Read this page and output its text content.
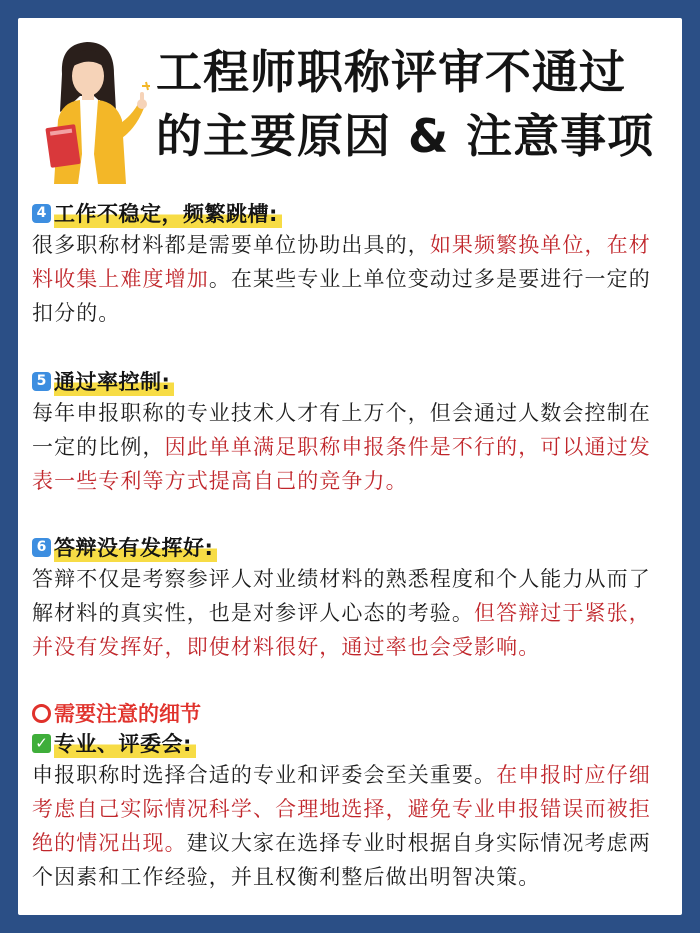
工程师职称评审不通过
的主要原因 & 注意事项
4 工作不稳定，频繁跳槽:
很多职称材料都是需要单位协助出具的，如果频繁换单位，在材料收集上难度增加。在某些专业上单位变动过多是要进行一定的扣分的。
5 通过率控制:
每年申报职称的专业技术人才有上万个，但会通过人数会控制在一定的比例，因此单单满足职称申报条件是不行的，可以通过发表一些专利等方式提高自己的竞争力。
6 答辩没有发挥好:
答辩不仅是考察参评人对业绩材料的熟悉程度和个人能力从而了解材料的真实性，也是对参评人心态的考验。但答辩过于紧张，并没有发挥好，即使材料很好，通过率也会受影响。
需要注意的细节
✓ 专业、评委会:
申报职称时选择合适的专业和评委会至关重要。在申报时应仔细考虑自己实际情况科学、合理地选择，避免专业申报错误而被拒绝的情况出现。建议大家在选择专业时根据自身实际情况考虑两个因素和工作经验，并且权衡利整后做出明智决策。
